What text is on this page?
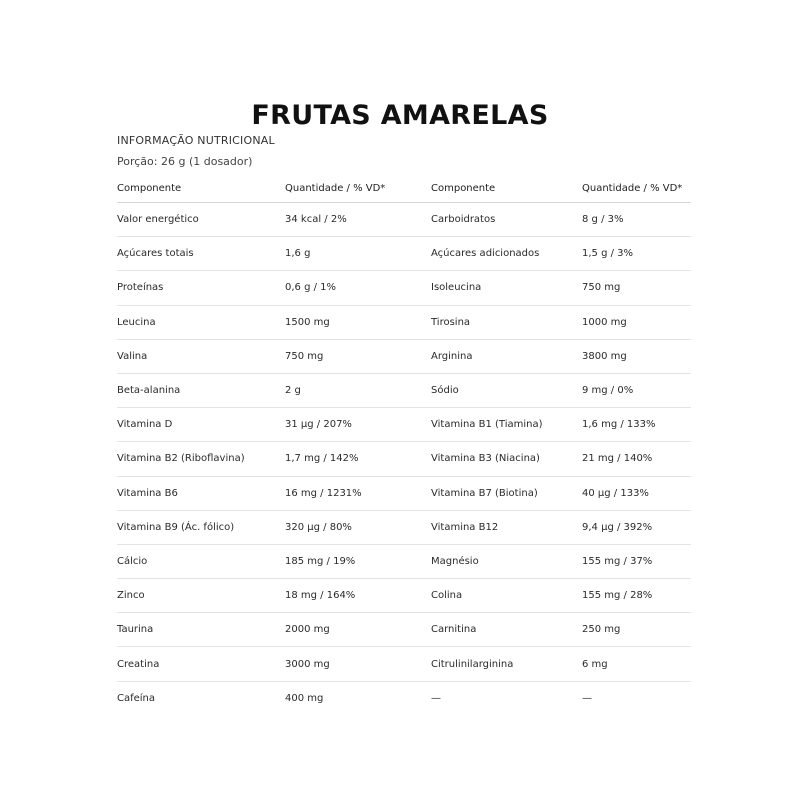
FRUTAS AMARELAS
INFORMAÇÃO NUTRICIONAL
Porção: 26 g (1 dosador)
Componente	Quantidade / % VD*	Componente	Quantidade / % VD*
Valor energético	34 kcal / 2%	Carboidratos	8 g / 3%
Açúcares totais	1,6 g	Açúcares adicionados	1,5 g / 3%
Proteínas	0,6 g / 1%	Isoleucina	750 mg
Leucina	1500 mg	Tirosina	1000 mg
Valina	750 mg	Arginina	3800 mg
Beta-alanina	2 g	Sódio	9 mg / 0%
Vitamina D	31 µg / 207%	Vitamina B1 (Tiamina)	1,6 mg / 133%
Vitamina B2 (Riboflavina)	1,7 mg / 142%	Vitamina B3 (Niacina)	21 mg / 140%
Vitamina B6	16 mg / 1231%	Vitamina B7 (Biotina)	40 µg / 133%
Vitamina B9 (Ác. fólico)	320 µg / 80%	Vitamina B12	9,4 µg / 392%
Cálcio	185 mg / 19%	Magnésio	155 mg / 37%
Zinco	18 mg / 164%	Colina	155 mg / 28%
Taurina	2000 mg	Carnitina	250 mg
Creatina	3000 mg	Citrulinilarginina	6 mg
Cafeína	400 mg	—	—
